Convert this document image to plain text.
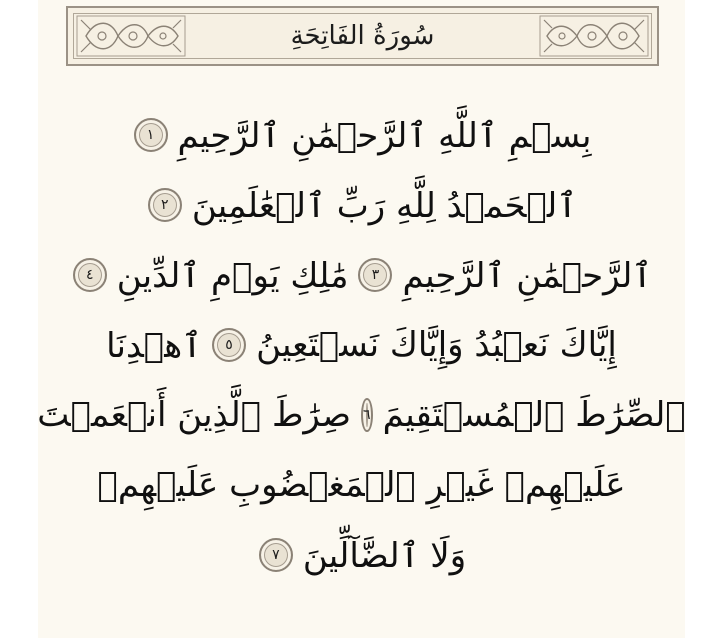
سُورَةُ الفَاتِحَةِ
بِسۡمِ ٱللَّهِ ٱلرَّحۡمَٰنِ ٱلرَّحِيمِ
١
ٱلۡحَمۡدُ لِلَّهِ رَبِّ ٱلۡعَٰلَمِينَ
٢
ٱلرَّحۡمَٰنِ ٱلرَّحِيمِ
٣
مَٰلِكِ يَوۡمِ ٱلدِّينِ
٤
إِيَّاكَ نَعۡبُدُ وَإِيَّاكَ نَسۡتَعِينُ
٥
ٱهۡدِنَا
ٱلصِّرَٰطَ ٱلۡمُسۡتَقِيمَ
٦
صِرَٰطَ ٱلَّذِينَ أَنۡعَمۡتَ
عَلَيۡهِمۡ غَيۡرِ ٱلۡمَغۡضُوبِ عَلَيۡهِمۡ
وَلَا ٱلضَّآلِّينَ
٧
